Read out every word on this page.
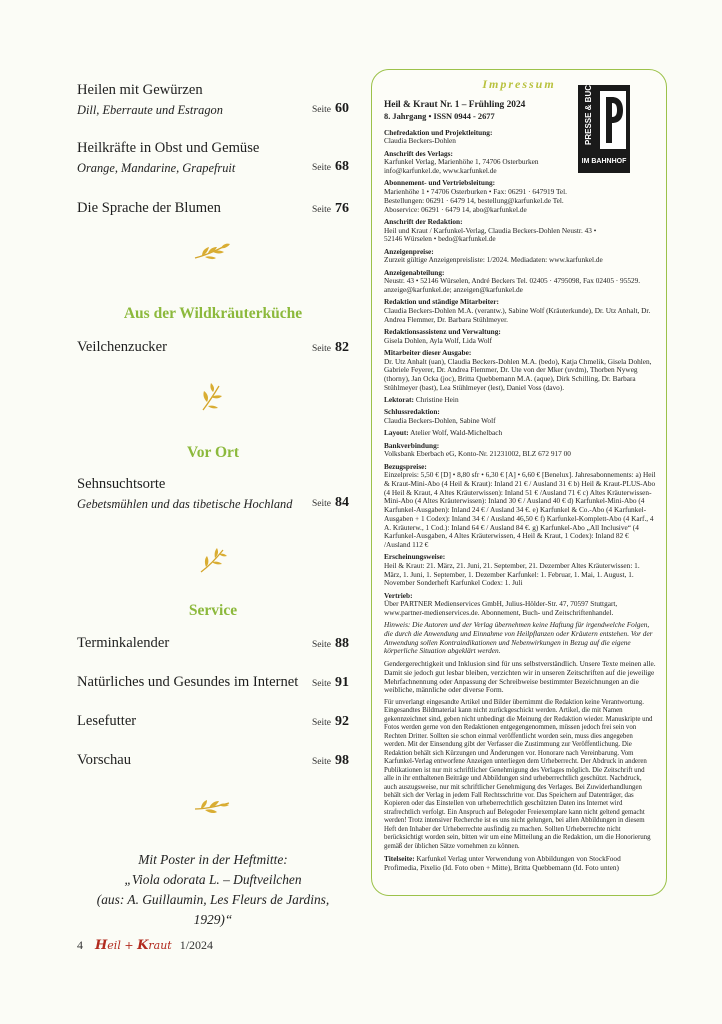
Heilen mit Gewürzen
Dill, Eberraute und Estragon	Seite 60
Heilkräfte in Obst und Gemüse
Orange, Mandarine, Grapefruit	Seite 68
Die Sprache der Blumen	Seite 76
Aus der Wildkräuterküche
Veilchenzucker	Seite 82
Vor Ort
Sehnsuchtsorte
Gebetsmühlen und das tibetische Hochland Seite 84
Service
Terminkalender	Seite 88
Natürliches und Gesundes im Internet Seite 91
Lesefutter	Seite 92
Vorschau	Seite 98
Mit Poster in der Heftmitte:
„Viola odorata L. – Duftveilchen
(aus: A. Guillaumin, Les Fleurs de Jardins, 1929)“
4 Heil + Kraut 1/2024
PRESSE & BUCH
IM BAHNHOF
Impressum
Heil & Kraut Nr. 1 – Frühling 2024
8. Jahrgang • ISSN 0944 - 2677
Chefredaktion und Projektleitung:
Claudia Beckers-Dohlen
Anschrift des Verlags:
Karfunkel Verlag, Marienhöhe 1, 74706 Osterburken info@karfunkel.de, www.karfunkel.de
Abonnement- und Vertriebsleitung:
Marienhöhe 1 • 74706 Osterburken • Fax: 06291 · 647919 Tel. Bestellungen: 06291 · 6479 14, bestellung@karfunkel.de Tel. Aboservice: 06291 · 6479 14, abo@karfunkel.de
Anschrift der Redaktion:
Heil und Kraut / Karfunkel-Verlag, Claudia Beckers-Dohlen Neustr. 43 • 52146 Würselen • bedo@karfunkel.de
Anzeigenpreise:
Zurzeit gültige Anzeigenpreisliste: 1/2024. Mediadaten: www.karfunkel.de
Anzeigenabteilung:
Neustr. 43 • 52146 Würselen, André Beckers Tel. 02405 · 4795098, Fax 02405 · 95529. anzeige@karfunkel.de; anzeigen@karfunkel.de
Redaktion und ständige Mitarbeiter:
Claudia Beckers-Dohlen M.A. (verantw.), Sabine Wolf (Kräuterkunde), Dr. Utz Anhalt, Dr. Andrea Flemmer, Dr. Barbara Stühlmeyer.
Redaktionsassistenz und Verwaltung:
Gisela Dohlen, Ayla Wolf, Lida Wolf
Mitarbeiter dieser Ausgabe:
Dr. Utz Anhalt (uan), Claudia Beckers-Dohlen M.A. (bedo), Katja Chmelik, Gisela Dohlen, Gabriele Feyerer, Dr. Andrea Flemmer, Dr. Ute von der Mker (uvdm), Thorben Nyweg (thorny), Jan Ocka (joc), Britta Quebbemann M.A. (aque), Dirk Schilling, Dr. Barbara Stühlmeyer (bast), Lea Stühlmeyer (lest), Daniel Voss (davo).
Lektorat: Christine Hein
Schlussredaktion:
Claudia Beckers-Dohlen, Sabine Wolf
Layout: Atelier Wolf, Wald-Michelbach
Bankverbindung:
Volksbank Eberbach eG, Konto-Nr. 21231002, BLZ 672 917 00
Bezugspreise:
Einzelpreis: 5,50 € [D] • 8,80 sfr • 6,30 € [A] • 6,60 € [Benelux]. Jahresabonnements: a) Heil & Kraut-Mini-Abo (4 Heil & Kraut): Inland 21 € / Ausland 31 € b) Heil & Kraut-PLUS-Abo (4 Heil & Kraut, 4 Altes Kräuterwissen): Inland 51 € /Ausland 71 € c) Altes Kräuterwissen-Mini-Abo (4 Altes Kräuterwissen): Inland 30 € / Ausland 40 € d) Karfunkel-Mini-Abo (4 Karfunkel-Ausgaben): Inland 24 € / Ausland 34 €. e) Karfunkel & Co.-Abo (4 Karfunkel-Ausgaben + 1 Codex): Inland 34 € / Ausland 46,50 € f) Karfunkel-Komplett-Abo (4 Karf., 4 A. Kräuterw., 1 Cod.): Inland 64 € / Ausland 84 €. g) Karfunkel-Abo „All Inclusive“ (4 Karfunkel-Ausgaben, 4 Altes Kräuterwissen, 4 Heil & Kraut, 1 Codex): Inland 82 € /Ausland 112 €
Erscheinungsweise:
Heil & Kraut: 21. März, 21. Juni, 21. September, 21. Dezember Altes Kräuterwissen: 1. März, 1. Juni, 1. September, 1. Dezember Karfunkel: 1. Februar, 1. Mai, 1. August, 1. November Sonderheft Karfunkel Codex: 1. Juli
Vertrieb:
Über PARTNER Medienservices GmbH, Julius-Hölder-Str. 47, 70597 Stuttgart, www.partner-medienservices.de. Abonnement, Buch- und Zeitschriftenhandel.
Hinweis: Die Autoren und der Verlag übernehmen keine Haftung für irgendwelche Folgen, die durch die Anwendung und Einnahme von Heilpflanzen oder Kräutern entstehen. Vor der Anwendung sollen Kontraindikationen und Nebenwirkungen in Bezug auf die eigene körperliche Situation abgeklärt werden.
Gendergerechtigkeit und Inklusion sind für uns selbstverständlich. Unsere Texte meinen alle. Damit sie jedoch gut lesbar bleiben, verzichten wir in unseren Zeitschriften auf die jeweilige Mehrfachnennung oder Anpassung der Schreibweise bestimmter Bezeichnungen an die weibliche, männliche oder diverse Form.
Für unverlangt eingesandte Artikel und Bilder übernimmt die Redaktion keine Verantwortung. Eingesandtes Bildmaterial kann nicht zurückgeschickt werden. Artikel, die mit Namen gekennzeichnet sind, geben nicht unbedingt die Meinung der Redaktion wieder. Manuskripte und Fotos werden gerne von den Redaktionen entgegengenommen, müssen jedoch frei sein von Rechten Dritter. Sollten sie schon einmal veröffentlicht worden sein, muss dies angegeben werden. Mit der Einsendung gibt der Verfasser die Zustimmung zur Veröffentlichung. Die Redaktion behält sich Kürzungen und Änderungen vor. Honorare nach Vereinbarung. Vom Karfunkel-Verlag entworfene Anzeigen unterliegen dem Urheberrecht. Der Abdruck in anderen Publikationen ist nur mit schriftlicher Genehmigung des Verlages möglich. Die Zeitschrift und alle in ihr enthaltenen Beiträge und Abbildungen sind urheberrechtlich geschützt. Nachdruck, auch auszugsweise, nur mit schriftlicher Genehmigung des Verlages. Bei Zuwiderhandlungen behält sich der Verlag in jedem Fall Rechtsschritte vor. Das Speichern auf Datenträger, das Kopieren oder das Einstellen von urheberrechtlich geschützten Daten ins Internet wird strafrechtlich verfolgt. Ein Anspruch auf Belegoder Freiexemplare kann nicht geltend gemacht werden! Trotz intensiver Recherche ist es uns nicht gelungen, bei allen Abbildungen in diesem Heft den Inhaber der Urheberrechte ausfindig zu machen. Sollten Urheberrechte nicht berücksichtigt worden sein, bitten wir um eine Mitteilung an die Redaktion, um die Honorierung gemäß der üblichen Sätze vornehmen zu können.
Titelseite: Karfunkel Verlag unter Verwendung von Abbildungen von StockFood Profimedia, Pixelio (Id. Foto oben + Mitte), Britta Quebbemann (Id. Foto unten)
